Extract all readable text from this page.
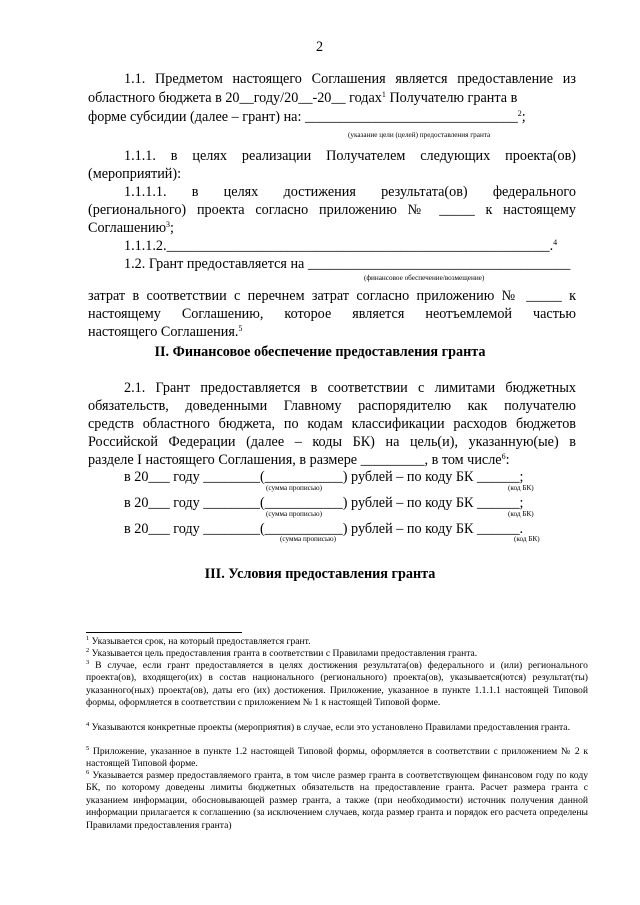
2
1.1. Предметом настоящего Соглашения является предоставление из
областного бюджета в 20__году/20__-20__ годах$^1$ Получателю гранта в
форме субсидии (далее – грант) на: ______________________________$^2$;
(указание цели (целей) предоставления гранта
1.1.1. в целях реализации Получателем следующих проекта(ов)
(мероприятий):
1.1.1.1. в целях достижения результата(ов) федерального
(регионального) проекта согласно приложению № _____ к настоящему
Соглашению$^3$;
1.1.1.2.______________________________________________________.$^4$
1.2. Грант предоставляется на _____________________________________
(финансовое обеспечение/возмещение)
затрат в соответствии с перечнем затрат согласно приложению № _____ к
настоящему Соглашению, которое является неотъемлемой частью
настоящего Соглашения.$^5$
II. Финансовое обеспечение предоставления гранта
2.1. Грант предоставляется в соответствии с лимитами бюджетных
обязательств, доведенными Главному распорядителю как получателю
средств областного бюджета, по кодам классификации расходов бюджетов
Российской Федерации (далее – коды БК) на цель(и), указанную(ые) в
разделе I настоящего Соглашения, в размере _________, в том числе$^6$:
в 20___ году ________(___________) рублей – по коду БК ______;
(сумма прописью)	(код БК)
в 20___ году ________(___________) рублей – по коду БК ______;
(сумма прописью)	(код БК)
в 20___ году ________(___________) рублей – по коду БК ______.
(сумма прописью)	(код БК)
III. Условия предоставления гранта
$^1$ Указывается срок, на который предоставляется грант.
$^2$ Указывается цель предоставления гранта в соответствии с Правилами предоставления гранта.
$^3$ В случае, если грант предоставляется в целях достижения результата(ов) федерального и (или) регионального проекта(ов), входящего(их) в состав национального (регионального) проекта(ов), указывается(ются) результат(ты) указанного(ных) проекта(ов), даты его (их) достижения. Приложение, указанное в пункте 1.1.1.1 настоящей Типовой формы, оформляется в соответствии с приложением № 1 к настоящей Типовой форме.
$^4$ Указываются конкретные проекты (мероприятия) в случае, если это установлено Правилами предоставления гранта.
$^5$ Приложение, указанное в пункте 1.2 настоящей Типовой формы, оформляется в соответствии с приложением № 2 к настоящей Типовой форме.
$^6$ Указывается размер предоставляемого гранта, в том числе размер гранта в соответствующем финансовом году по коду БК, по которому доведены лимиты бюджетных обязательств на предоставление гранта. Расчет размера гранта с указанием информации, обосновывающей размер гранта, а также (при необходимости) источник получения данной информации прилагается к соглашению (за исключением случаев, когда размер гранта и порядок его расчета определены Правилами предоставления гранта)
